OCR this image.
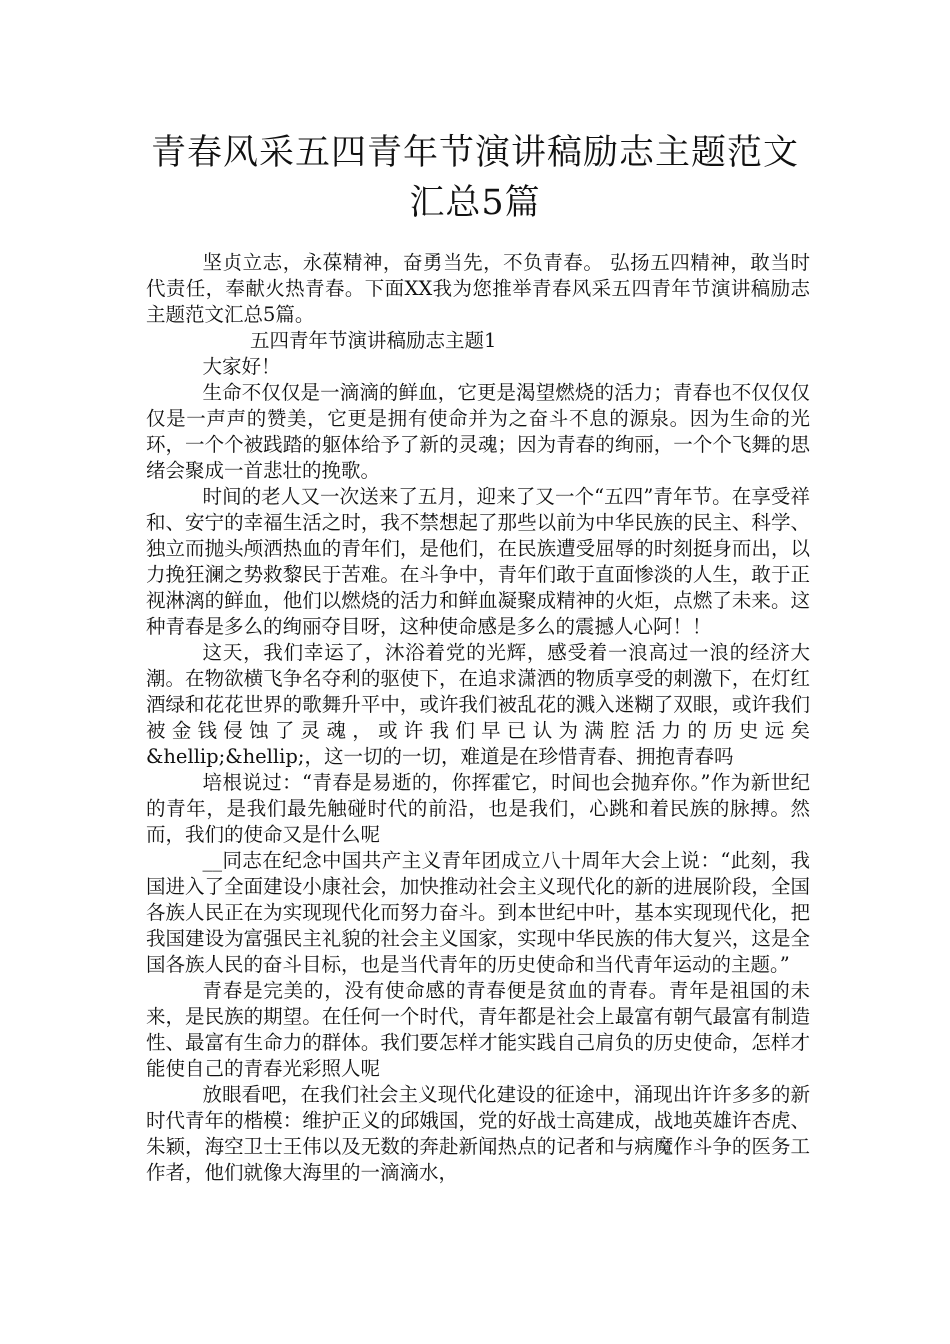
青春风采五四青年节演讲稿励志主题范文
汇总5篇

坚贞立志，永葆精神，奋勇当先，不负青春。 弘扬五四精神，敢当时代责任，奉献火热青春。下面XX我为您推举青春风采五四青年节演讲稿励志主题范文汇总5篇。

五四青年节演讲稿励志主题1

大家好！

生命不仅仅是一滴滴的鲜血，它更是渴望燃烧的活力；青春也不仅仅仅仅是一声声的赞美，它更是拥有使命并为之奋斗不息的源泉。因为生命的光环，一个个被践踏的躯体给予了新的灵魂；因为青春的绚丽，一个个飞舞的思绪会聚成一首悲壮的挽歌。

时间的老人又一次送来了五月，迎来了又一个“五四”青年节。在享受祥和、安宁的幸福生活之时，我不禁想起了那些以前为中华民族的民主、科学、独立而抛头颅洒热血的青年们，是他们，在民族遭受屈辱的时刻挺身而出，以力挽狂澜之势救黎民于苦难。在斗争中，青年们敢于直面惨淡的人生，敢于正视淋漓的鲜血，他们以燃烧的活力和鲜血凝聚成精神的火炬，点燃了未来。这种青春是多么的绚丽夺目呀，这种使命感是多么的震撼人心阿！！

这天，我们幸运了，沐浴着党的光辉，感受着一浪高过一浪的经济大潮。在物欲横飞争名夺利的驱使下，在追求潇洒的物质享受的刺激下，在灯红酒绿和花花世界的歌舞升平中，或许我们被乱花的溅入迷糊了双眼，或许我们被金钱侵蚀了灵魂，或许我们早已认为满腔活力的历史远矣&hellip;&hellip;，这一切的一切，难道是在珍惜青春、拥抱青春吗

培根说过：“青春是易逝的，你挥霍它，时间也会抛弃你。”作为新世纪的青年，是我们最先触碰时代的前沿，也是我们，心跳和着民族的脉搏。然而，我们的使命又是什么呢

__同志在纪念中国共产主义青年团成立八十周年大会上说：“此刻，我国进入了全面建设小康社会，加快推动社会主义现代化的新的进展阶段，全国各族人民正在为实现现代化而努力奋斗。到本世纪中叶，基本实现现代化，把我国建设为富强民主礼貌的社会主义国家，实现中华民族的伟大复兴，这是全国各族人民的奋斗目标，也是当代青年的历史使命和当代青年运动的主题。”

青春是完美的，没有使命感的青春便是贫血的青春。青年是祖国的未来，是民族的期望。在任何一个时代，青年都是社会上最富有朝气最富有制造性、最富有生命力的群体。我们要怎样才能实践自己肩负的历史使命，怎样才能使自己的青春光彩照人呢

放眼看吧，在我们社会主义现代化建设的征途中，涌现出许许多多的新时代青年的楷模：维护正义的邱娥国，党的好战士高建成，战地英雄许杏虎、朱颖，海空卫士王伟以及无数的奔赴新闻热点的记者和与病魔作斗争的医务工作者，他们就像大海里的一滴滴水，
